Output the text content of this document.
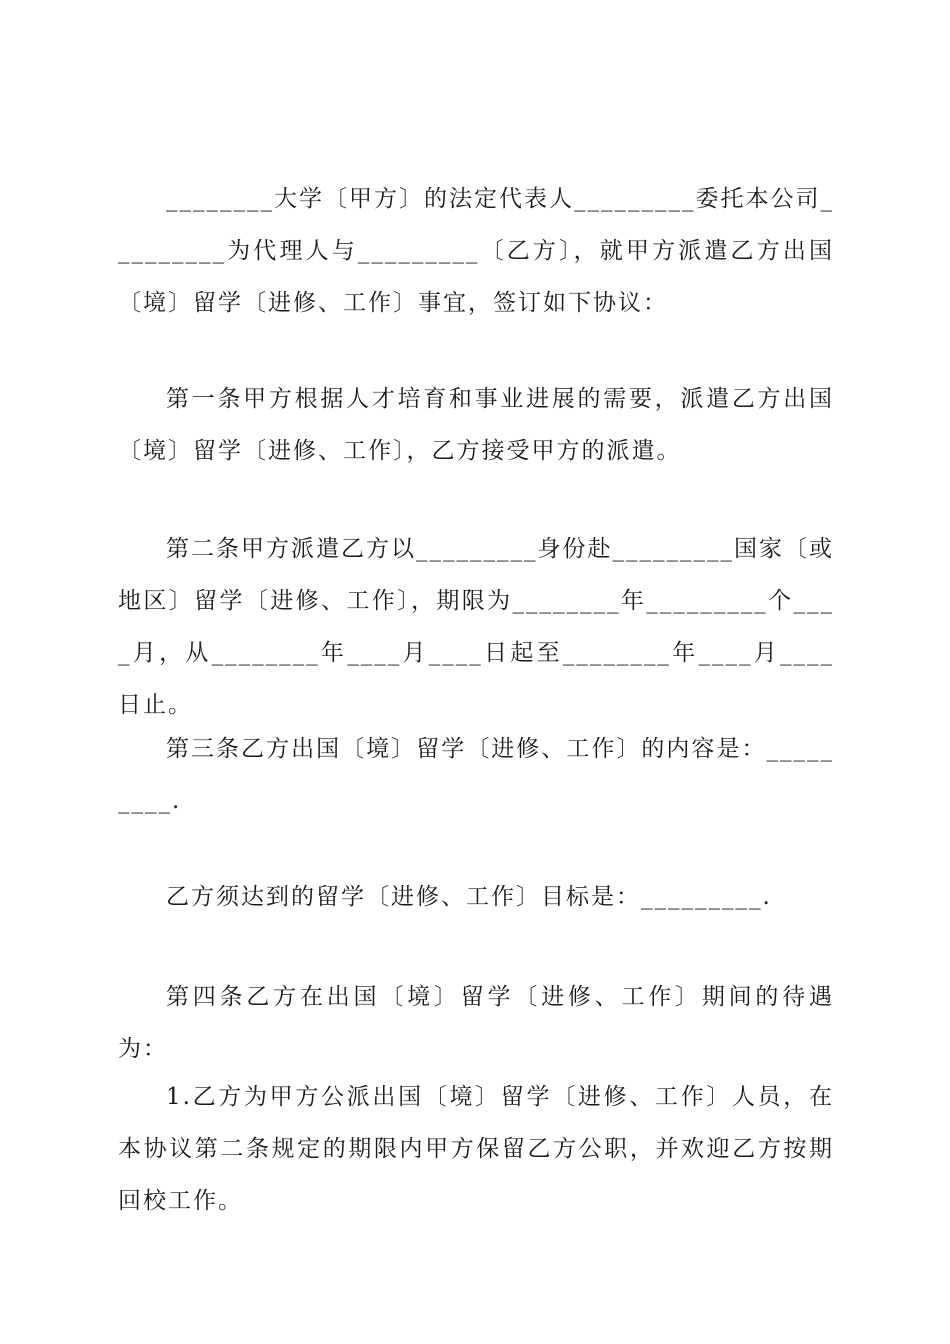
________大学〔甲方〕的法定代表人_________委托本公司_________为代理人与_________〔乙方〕，就甲方派遣乙方出国〔境〕留学〔进修、工作〕事宜，签订如下协议：

第一条甲方根据人才培育和事业进展的需要，派遣乙方出国〔境〕留学〔进修、工作〕，乙方接受甲方的派遣。

第二条甲方派遣乙方以_________身份赴_________国家〔或地区〕留学〔进修、工作〕，期限为________年_________个____月，从________年____月____日起至________年____月____日止。

第三条乙方出国〔境〕留学〔进修、工作〕的内容是：_________.

乙方须达到的留学〔进修、工作〕目标是：_________.

第四条乙方在出国〔境〕留学〔进修、工作〕期间的待遇为：

1.乙方为甲方公派出国〔境〕留学〔进修、工作〕人员，在本协议第二条规定的期限内甲方保留乙方公职，并欢迎乙方按期回校工作。
